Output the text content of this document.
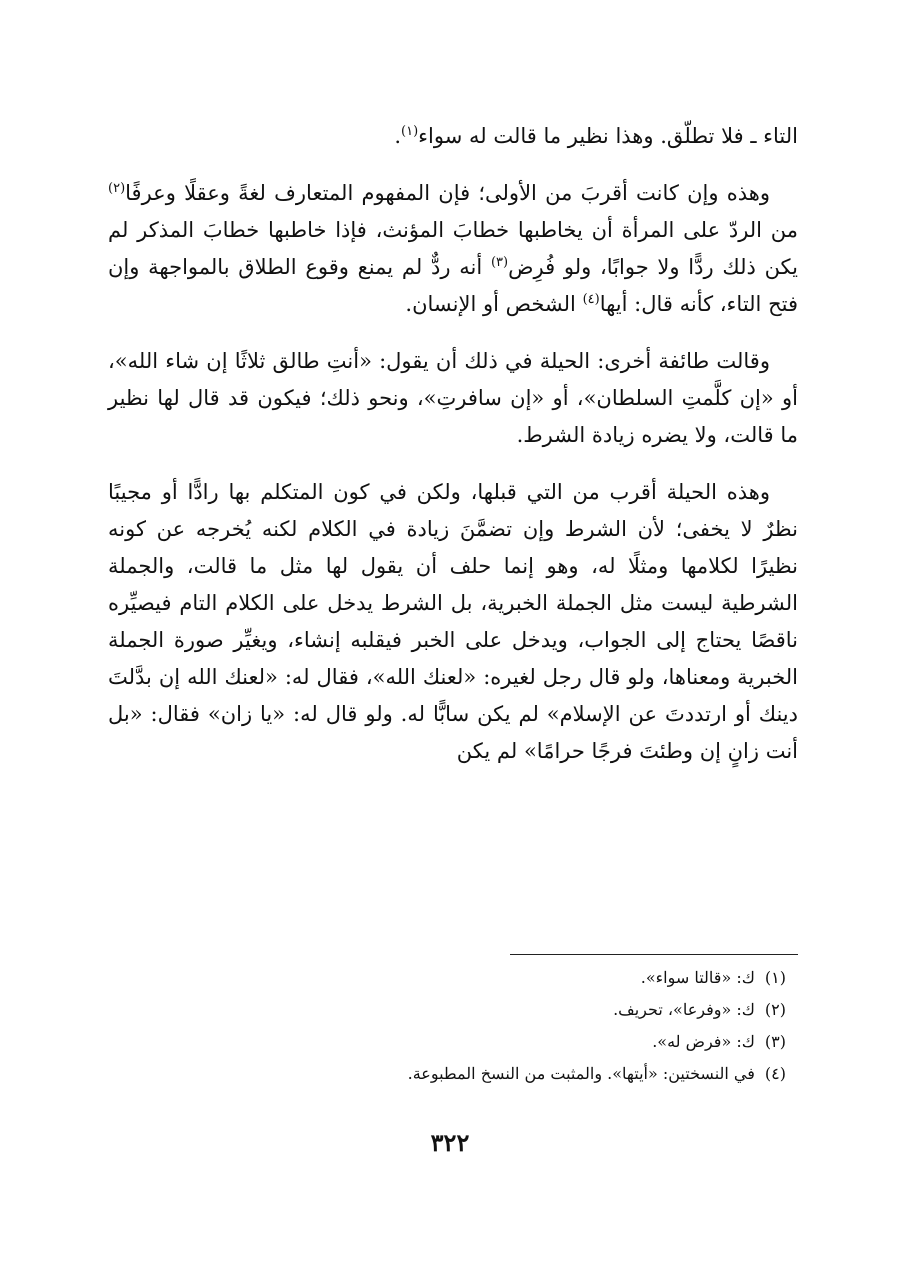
التاء ـ فلا تطلّق. وهذا نظير ما قالت له سواء$^{(١)}$.

وهذه وإن كانت أقربَ من الأولى؛ فإن المفهوم المتعارف لغةً وعقلًا وعرفًا$^{(٢)}$ من الردّ على المرأة أن يخاطبها خطابَ المؤنث، فإذا خاطبها خطابَ المذكر لم يكن ذلك ردًّا ولا جوابًا، ولو فُرِض$^{(٣)}$ أنه ردٌّ لم يمنع وقوع الطلاق بالمواجهة وإن فتح التاء، كأنه قال: أيها$^{(٤)}$ الشخص أو الإنسان.

وقالت طائفة أخرى: الحيلة في ذلك أن يقول: «أنتِ طالق ثلاثًا إن شاء الله»، أو «إن كلَّمتِ السلطان»، أو «إن سافرتِ»، ونحو ذلك؛ فيكون قد قال لها نظير ما قالت، ولا يضره زيادة الشرط.

وهذه الحيلة أقرب من التي قبلها، ولكن في كون المتكلم بها رادًّا أو مجيبًا نظرٌ لا يخفى؛ لأن الشرط وإن تضمَّنَ زيادة في الكلام لكنه يُخرجه عن كونه نظيرًا لكلامها ومثلًا له، وهو إنما حلف أن يقول لها مثل ما قالت، والجملة الشرطية ليست مثل الجملة الخبرية، بل الشرط يدخل على الكلام التام فيصيِّره ناقصًا يحتاج إلى الجواب، ويدخل على الخبر فيقلبه إنشاء، ويغيِّر صورة الجملة الخبرية ومعناها، ولو قال رجل لغيره: «لعنك الله»، فقال له: «لعنك الله إن بدَّلتَ دينك أو ارتددتَ عن الإسلام» لم يكن سابًّا له. ولو قال له: «يا زان» فقال: «بل أنت زانٍ إن وطئتَ فرجًا حرامًا» لم يكن

(١)ك: «قالتا سواء».
(٢)ك: «وفرعا»، تحريف.
(٣)ك: «فرض له».
(٤)في النسختين: «أيتها». والمثبت من النسخ المطبوعة.
٣٢٢
